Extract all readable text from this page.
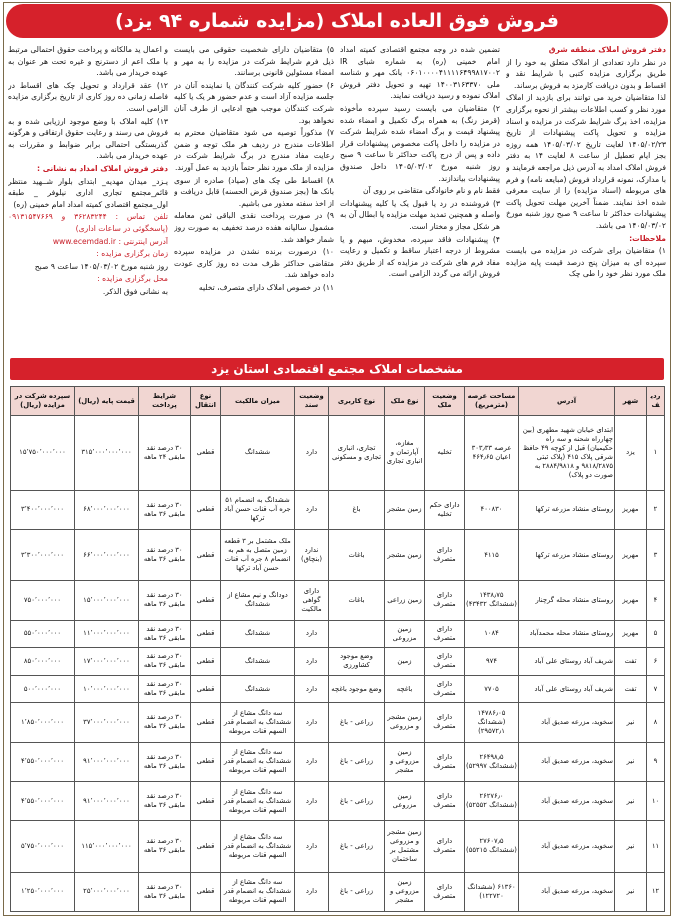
فروش فوق العاده املاک (مزایده شماره ۹۴ یزد)

دفتر فروش املاک منطقه شرق

در نظر دارد تعدادی از املاک متعلق به خود را از طریق برگزاری مزایده کتبی با شرایط نقد و اقساط و بدون دریافت کارمزد به فروش برساند.

لذا متقاضیان خرید می توانند برای بازدید از املاک مورد نظر و کسب اطلاعات بیشتر از نحوه برگزاری مزایده، اخذ برگ شرایط شرکت در مزایده و اسناد مزایده و تحویل پاکت پیشنهادات از تاریخ ۱۴۰۵/۰۲/۲۳ لغایت تاریخ ۱۴۰۵/۰۳/۰۲ همه روزه بجز ایام تعطیل از ساعت ۸ لغایت ۱۴ به دفتر فروش املاک امداد به آدرس ذیل مراجعه فرمایند و با مدارک، نمونه قرارداد فروش (مبایعه نامه) و فرم های مربوطه (اسناد مزایده) را از سایت معرفی شده اخذ نمایند. ضمناً آخرین مهلت تحویل پاکت پیشنهادات حداکثر تا ساعت ۹ صبح روز شنبه مورخ ۱۴۰۵/۰۳/۰۲ می باشد.

ملاحظات:

۱) متقاضیان برای شرکت در مزایده می بایست سپرده ای به میزان پنج درصد قیمت پایه مزایده ملک مورد نظر خود را طی چک

تضمین شده در وجه مجتمع اقتصادی کمیته امداد امام خمینی (ره) به شماره شبای IR ۰۶۰۱۰۰۰۰۴۱۱۱۱۶۴۹۹۸۱۷۰۰۲ بانک مهر و شناسه ملی ۱۴۰۰۳۱۶۳۳۷۰ تهیه و تحویل دفتر فروش املاک نموده و رسید دریافت نمایند.

۲) متقاضیان می بایست رسید سپرده مأخوذه (قرمز رنگ) به همراه برگ تکمیل و امضاء شده پیشنهاد قیمت و برگ امضاء شده شرایط شرکت در مزایده را داخل پاکت مخصوص پیشنهادات قرار داده و پس از درج پاکت حداکثر تا ساعت ۹ صبح روز شنبه مورخ ۱۴۰۵/۰۳/۰۲ داخل صندوق پیشنهادات بیاندازند.

فقط نام و نام خانوادگی متقاضی بر روی آن

۳) فروشنده در رد یا قبول یک یا کلیه پیشنهادات واصله و همچنین تمدید مهلت مزایده یا ابطال آن به هر شکل مجاز و مختار است.

۴) پیشنهادات فاقد سپرده، مخدوش، مبهم و یا مشروط از درجه اعتبار ساقط و تکمیل و رعایت مفاد فرم های شرکت در مزایده که از طریق دفتر فروش ارائه می گردد الزامی است.

۵) متقاضیان دارای شخصیت حقوقی می بایست ذیل فرم شرایط شرکت در مزایده را به مهر و امضاء مسئولین قانونی برسانند.

۶) حضور کلیه شرکت کنندگان یا نماینده آنان در جلسه مزایده آزاد است و عدم حضور هر یک یا کلیه شرکت کنندگان موجب هیچ ادعایی از طرف آنان نخواهد بود.

۷) مذکوراً توصیه می شود متقاضیان محترم به اطلاعات مندرج در ردیف هر ملک توجه و ضمن رعایت مفاد مندرج در برگ شرایط شرکت در مزایده از ملک مورد نظر حتماً بازدید به عمل آورند.

۸) اقساط طی چک های (صیاد) صادره از سوی بانک ها (بجز صندوق قرض الحسنه) قابل دریافت و از اخذ سفته معذور می باشیم.

۹) در صورت پرداخت نقدی الباقی ثمن معامله مشمول سالیانه هفده درصد تخفیف به صورت روز شمار خواهد شد.

۱۰) درصورت برنده نشدن در مزایده سپرده متقاضی حداکثر ظرف مدت ده روز کاری عودت داده خواهد شد.

۱۱) در خصوص املاک دارای متصرف، تخلیه

و اعمال ید مالکانه و پرداخت حقوق احتمالی مرتبط با ملک اعم از دسترنج و غیره تحت هر عنوان به عهده خریدار می باشد.

۱۲) عقد قرارداد و تحویل چک های اقساط در فاصله زمانی ده روز کاری از تاریخ برگزاری مزایده الزامی است.

۱۳) کلیه املاک با وضع موجود ارزیابی شده و به فروش می رسند و رعایت حقوق ارتفاقی و هرگونه گذربستگی احتمالی برابر ضوابط و مقررات به عهده خریدار می باشد.

دفتر فروش املاک امداد به نشانی :

یـزد_ میدان مهدیه_ ابتدای بلوار شــهید منتظر قائم_مجتمع تجاری اداری نیلوفر _ طبقه اول_مجتمع اقتصادی کمیته امداد امام خمینی (ره)

تلفن تماس : ۳۶۲۸۳۲۴۴ و ۰۹۱۳۱۵۴۷۶۶۹ (پاسخگوئی در ساعات اداری)

آدرس اینترنتی : www.ecemdad.ir

زمان برگزاری مزایده :

روز شنبه مورخ ۱۴۰۵/۰۳/۰۲ ساعت ۹ صبح

محل برگزاری مزایده :

به نشانی فوق الذکر.

مشخصات املاک مجتمع اقتصادی استان یزد
ردیف	شهر	آدرس	مساحت عرصه (مترمربع)	وضعیت ملک	نوع ملک	نوع کاربری	وضعیت سند	میزان مالکیت	نوع انتقال	شرایط پرداخت	قیمت پایه (ریال)	سپرده شرکت در مزایده (ریال)
۱	یزد	ابتدای خیابان شهید مطهری (بین چهارراه شحنه و سه راه حکیمیان) قبل از کوچه ۴۹ حافظ شرقی پلاک ۴۱۵ (پلاک ثبتی ۹۸۱۸/۲۸۷۵ و ۲۸۸۴/۹۸۱۸ به صورت دو پلاک)	عرصه ۳۰۳٫۳۳ اعیان ۴۶۴٫۶۵	تخلیه	مغازه، آپارتمان و انباری تجاری	تجاری، انباری تجاری و مسکونی	دارد	ششدانگ	قطعی	۳۰ درصد نقد مابقی ۲۴ ماهه	۳۱۵٬۰۰۰٬۰۰۰٬۰۰۰	۱۵٬۷۵۰٬۰۰۰٬۰۰۰
۲	مهریز	روستای منشاد مزرعه ترکها	۴۰۰۸۳۰	دارای حکم تخلیه	زمین مشجر	باغ	دارد	ششدانگ به انضمام ۵۱ جره آب قنات حسن آباد ترکها	قطعی	۳۰ درصد نقد مابقی ۳۶ ماهه	۶۸٬۰۰۰٬۰۰۰٬۰۰۰	۳٬۴۰۰٬۰۰۰٬۰۰۰
۳	مهریز	روستای منشاد مزرعه ترکها	۴۱۱۵	دارای متصرف	زمین مشجر	باغات	ندارد (بنچاق)	ملک مشتمل بر ۳ قطعه زمین متصل به هم به انضمام ۸ جره آب قنات حسن آباد ترکها	قطعی	۳۰ درصد نقد مابقی ۳۶ ماهه	۶۶٬۰۰۰٬۰۰۰٬۰۰۰	۳٬۳۰۰٬۰۰۰٬۰۰۰
۴	مهریز	روستای منشاد محله گرچنار	۱۴۳۸٫۷۵ (ششدانگ ۴۳۴۳۲)	دارای متصرف	زمین زراعی	باغات	دارای گواهی مالکیت	دودانگ و نیم مشاع از ششدانگ	قطعی	۳۰ درصد نقد مابقی ۳۶ ماهه	۱۵٬۰۰۰٬۰۰۰٬۰۰۰	۷۵۰٬۰۰۰٬۰۰۰
۵	مهریز	روستای منشاد محله محمدآباد	۱۰۸۴	دارای متصرف	زمین مزروعی		دارد	ششدانگ	قطعی	۳۰ درصد نقد مابقی ۳۶ ماهه	۱۱٬۰۰۰٬۰۰۰٬۰۰۰	۵۵۰٬۰۰۰٬۰۰۰
۶	تفت	شریف آباد روستای علی آباد	۹۷۴	دارای متصرف	زمین	وضع موجود کشاورزی	دارد	ششدانگ	قطعی	۳۰ درصد نقد مابقی ۳۶ ماهه	۱۷٬۰۰۰٬۰۰۰٬۰۰۰	۸۵۰٬۰۰۰٬۰۰۰
۷	تفت	شریف آباد روستای علی آباد	۷۷۰۵	دارای متصرف	باغچه	وضع موجود باغچه	دارد	ششدانگ	قطعی	۳۰ درصد نقد مابقی ۳۶ ماهه	۱۰٬۰۰۰٬۰۰۰٬۰۰۰	۵۰۰٬۰۰۰٬۰۰۰
۸	نیر	سخوید، مزرعه صدیق آباد	۱۴۷۸۶٫۰۵ (ششدانگ ۲۹۵۷۲٫۱)	دارای متصرف	زمین مشجر و مزروعی	زراعی - باغ	دارد	سه دانگ مشاع از ششدانگ به انضمام قدر السهم قنات مربوطه	قطعی	۳۰ درصد نقد مابقی ۳۶ ماهه	۳۷٬۰۰۰٬۰۰۰٬۰۰۰	۱٬۸۵۰٬۰۰۰٬۰۰۰
۹	نیر	سخوید، مزرعه صدیق آباد	۲۶۴۹۸٫۵ (ششدانگ ۵۲۹۹۷)	دارای متصرف	زمین مزروعی و مشجر	زراعی - باغ	دارد	سه دانگ مشاع از ششدانگ به انضمام قدر السهم قنات مربوطه	قطعی	۳۰ درصد نقد مابقی ۳۶ ماهه	۹۱٬۰۰۰٬۰۰۰٬۰۰۰	۴٬۵۵۰٬۰۰۰٬۰۰۰
۱۰	نیر	سخوید، مزرعه صدیق آباد	۲۶۲۷۶٫۰ (ششدانگ ۵۲۵۵۲)	دارای متصرف	زمین مزروعی	زراعی - باغ	دارد	سه دانگ مشاع از ششدانگ به انضمام قدر السهم قنات مربوطه	قطعی	۳۰ درصد نقد مابقی ۳۶ ماهه	۹۱٬۰۰۰٬۰۰۰٬۰۰۰	۴٬۵۵۰٬۰۰۰٬۰۰۰
۱۱	نیر	سخوید، مزرعه صدیق آباد	۲۷۶۰۷٫۵ (ششدانگ ۵۵۲۱۵)	دارای متصرف	زمین مشجر و مزروعی مشتمل بر ساختمان	زراعی - باغ	دارد	سه دانگ مشاع از ششدانگ به انضمام قدر السهم قنات مربوطه	قطعی	۳۰ درصد نقد مابقی ۳۶ ماهه	۱۱۵٬۰۰۰٬۰۰۰٬۰۰۰	۵٬۷۵۰٬۰۰۰٬۰۰۰
۱۲	نیر	سخوید، مزرعه صدیق آباد	۶۱۳۶۰ (ششدانگ ۱۲۲۷۲۰)	دارای متصرف	زمین مزروعی و مشجر	زراعی - باغ	دارد	سه دانگ مشاع از ششدانگ به انضمام قدر السهم قنات مربوطه	قطعی	۳۰ درصد نقد مابقی ۳۶ ماهه	۲۵٬۰۰۰٬۰۰۰٬۰۰۰	۱٬۲۵۰٬۰۰۰٬۰۰۰
